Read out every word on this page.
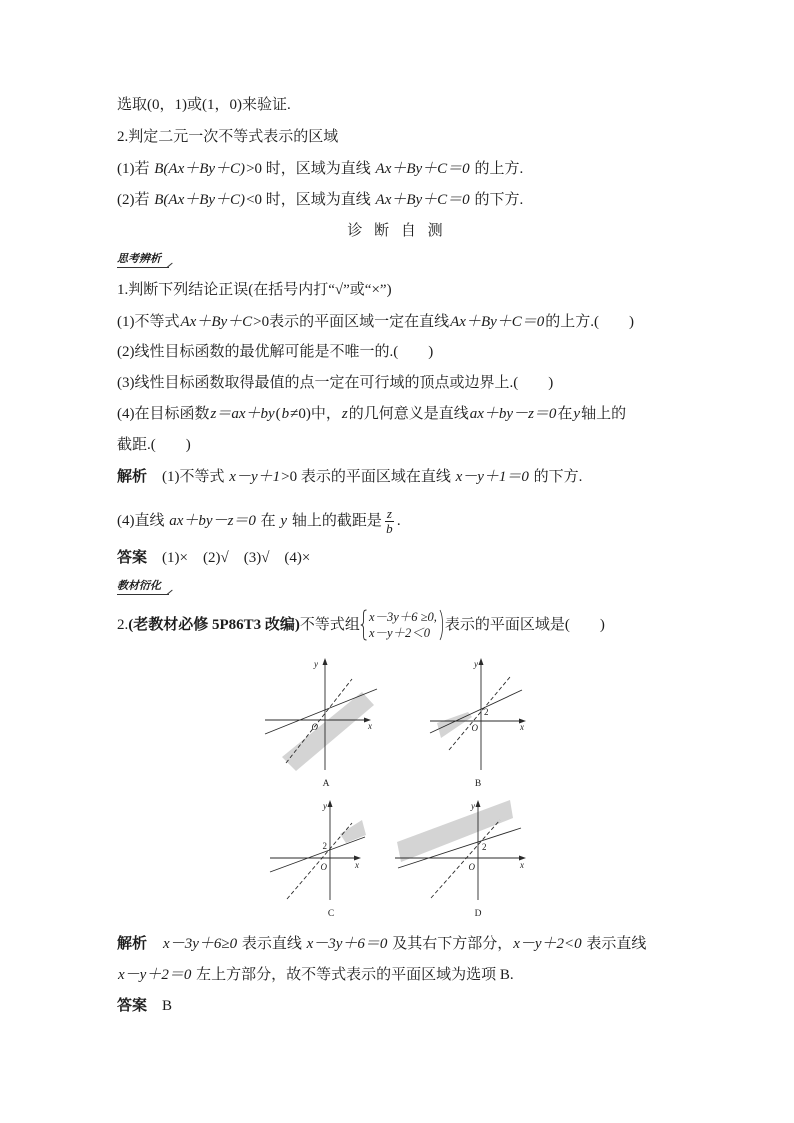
选取(0，1)或(1，0)来验证.
2.判定二元一次不等式表示的区域
(1)若 B(Ax＋By＋C)>0 时，区域为直线 Ax＋By＋C＝0 的上方.
(2)若 B(Ax＋By＋C)<0 时，区域为直线 Ax＋By＋C＝0 的下方.
诊 断 自 测
思考辨析
1.判断下列结论正误(在括号内打“√”或“×”)
(1)不等式Ax＋By＋C>0表示的平面区域一定在直线Ax＋By＋C＝0的上方.(　　)
(2)线性目标函数的最优解可能是不唯一的.(　　)
(3)线性目标函数取得最值的点一定在可行域的顶点或边界上.(　　)
(4)在目标函数z＝ax＋by(b≠0)中，z的几何意义是直线ax＋by－z＝0在y轴上的
截距.(　　)
解析　 (1)不等式 x－y＋1>0 表示的平面区域在直线 x－y＋1＝0 的下方.
(4)直线 ax＋by－z＝0 在 y 轴上的截距是 $\frac{z}{b}$ .
答案　 (1)×　(2)√　(3)√　(4)×
教材衍化
2. (老教材必修 5P86T3 改编) 不等式组 x－3y＋6 ≥0,
x－y＋2＜0 表示的平面区域是(　　)
y
x
O
A
y
x
O
2
B
y
x
O
2
C
y
x
O
2
D
解析　 x－3y＋6≥0 表示直线 x－3y＋6＝0 及其右下方部分，x－y＋2<0 表示直线
x－y＋2＝0 左上方部分，故不等式表示的平面区域为选项 B.
答案　 B
